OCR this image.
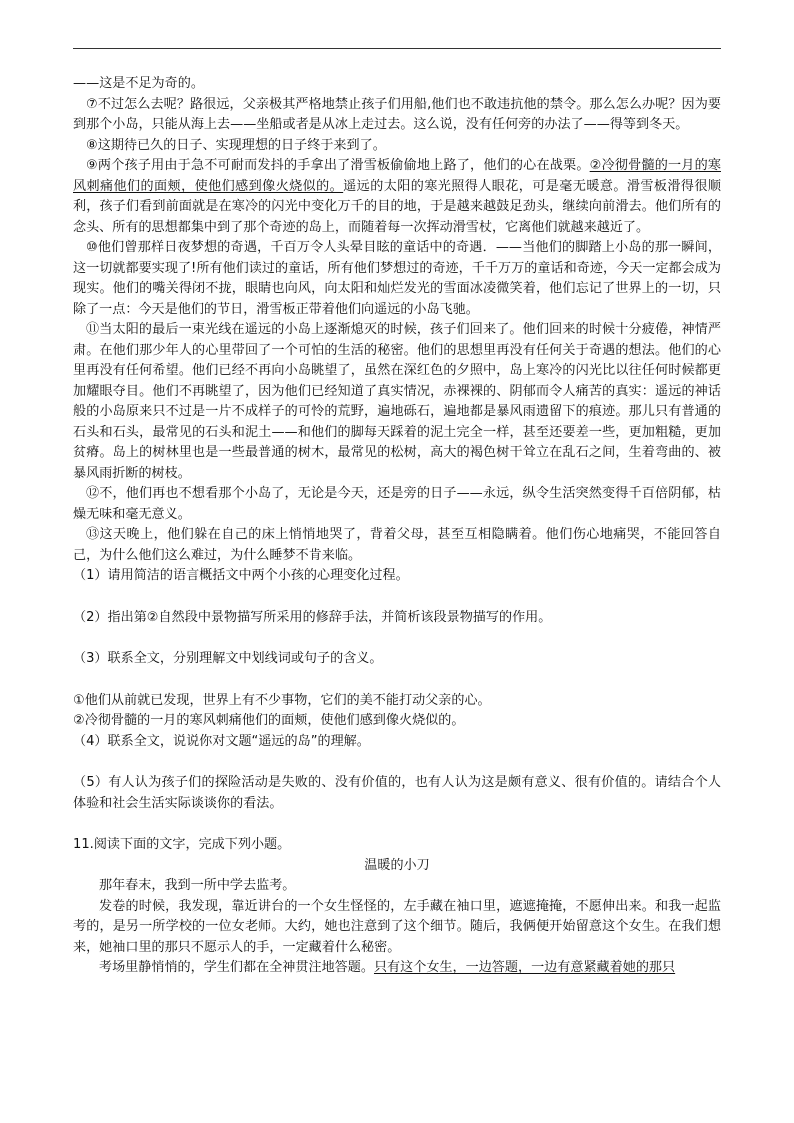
——这是不足为奇的。

⑦不过怎么去呢？路很远，父亲极其严格地禁止孩子们用船,他们也不敢违抗他的禁令。那么怎么办呢？因为要到那个小岛，只能从海上去——坐船或者是从冰上走过去。这么说，没有任何旁的办法了——得等到冬天。

⑧这期待已久的日子、实现理想的日子终于来到了。

⑨两个孩子用由于急不可耐而发抖的手拿出了滑雪板偷偷地上路了，他们的心在战栗。②冷彻骨髓的一月的寒风刺痛他们的面颊，使他们感到像火烧似的。遥远的太阳的寒光照得人眼花，可是毫无暖意。滑雪板滑得很顺利，孩子们看到前面就是在寒冷的闪光中变化万千的目的地，于是越来越鼓足劲头，继续向前滑去。他们所有的念头、所有的思想都集中到了那个奇迹的岛上，而随着每一次挥动滑雪杖，它离他们就越来越近了。

⑩他们曾那样日夜梦想的奇遇，千百万令人头晕目眩的童话中的奇遇．——当他们的脚踏上小岛的那一瞬间，这一切就都要实现了!所有他们读过的童话，所有他们梦想过的奇迹，千千万万的童话和奇迹，今天一定都会成为现实。他们的嘴关得闭不拢，眼睛也向风，向太阳和灿烂发光的雪面冰凌微笑着，他们忘记了世界上的一切，只除了一点：今天是他们的节日，滑雪板正带着他们向遥远的小岛飞驰。

⑪当太阳的最后一束光线在遥远的小岛上逐渐熄灭的时候，孩子们回来了。他们回来的时候十分疲倦，神情严肃。在他们那少年人的心里带回了一个可怕的生活的秘密。他们的思想里再没有任何关于奇遇的想法。他们的心里再没有任何希望。他们已经不再向小岛眺望了，虽然在深红色的夕照中，岛上寒冷的闪光比以往任何时候都更加耀眼夺目。他们不再眺望了，因为他们已经知道了真实情况，赤裸裸的、阴郁而令人痛苦的真实：遥远的神话般的小岛原来只不过是一片不成样子的可怜的荒野，遍地砾石，遍地都是暴风雨遗留下的痕迹。那儿只有普通的石头和石头，最常见的石头和泥土——和他们的脚每天踩着的泥土完全一样，甚至还要差一些，更加粗糙，更加贫瘠。岛上的树林里也是一些最普通的树木，最常见的松树，高大的褐色树干耸立在乱石之间，生着弯曲的、被暴风雨折断的树枝。

⑫不，他们再也不想看那个小岛了，无论是今天，还是旁的日子——永远，纵令生活突然变得千百倍阴郁，枯燥无味和毫无意义。

⑬这天晚上，他们躲在自己的床上悄悄地哭了，背着父母，甚至互相隐瞒着。他们伤心地痛哭，不能回答自己，为什么他们这么难过，为什么睡梦不肯来临。

（1）请用简洁的语言概括文中两个小孩的心理变化过程。

（2）指出第②自然段中景物描写所采用的修辞手法，并简析该段景物描写的作用。

（3）联系全文，分别理解文中划线词或句子的含义。

①他们从前就已发现，世界上有不少事物，它们的美不能打动父亲的心。

②冷彻骨髓的一月的寒风刺痛他们的面颊，使他们感到像火烧似的。

（4）联系全文，说说你对文题“遥远的岛”的理解。

（5）有人认为孩子们的探险活动是失败的、没有价值的，也有人认为这是颇有意义、很有价值的。请结合个人体验和社会生活实际谈谈你的看法。

11.阅读下面的文字，完成下列小题。

温暖的小刀

那年春末，我到一所中学去监考。

发卷的时候，我发现，靠近讲台的一个女生怪怪的，左手藏在袖口里，遮遮掩掩，不愿伸出来。和我一起监考的，是另一所学校的一位女老师。大约，她也注意到了这个细节。随后，我俩便开始留意这个女生。在我们想来，她袖口里的那只不愿示人的手，一定藏着什么秘密。

考场里静悄悄的，学生们都在全神贯注地答题。只有这个女生，一边答题，一边有意紧藏着她的那只
